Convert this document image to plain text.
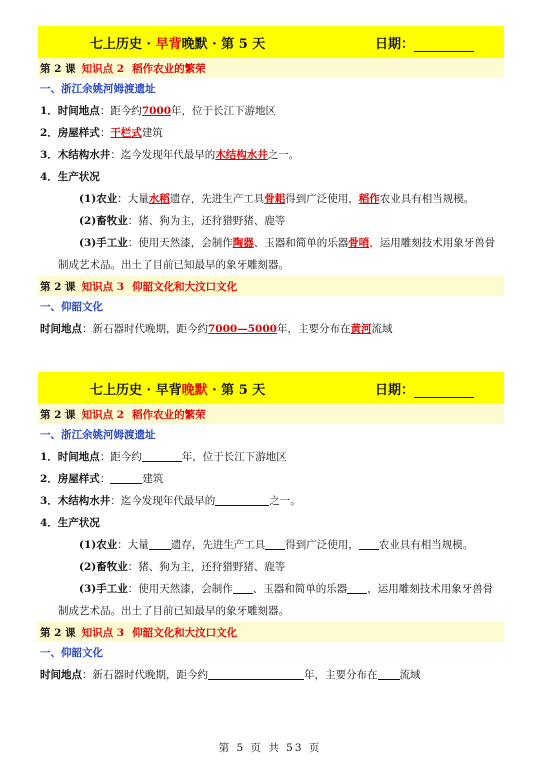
七上历史 · 早背晚默 · 第 5 天	日期：
第 2 课 知识点 2 稻作农业的繁荣
一、浙江余姚河姆渡遗址
1．时间地点：距今约7000年，位于长江下游地区
2．房屋样式：干栏式建筑
3．木结构水井：迄今发现年代最早的木结构水井之一。
4．生产状况
(1)农业：大量水稻遗存，先进生产工具骨耜得到广泛使用，稻作农业具有相当规模。
(2)畜牧业：猪、狗为主，还狩猎野猪、鹿等
(3)手工业：使用天然漆，会制作陶器、玉器和简单的乐器骨哨，运用雕刻技术用象牙兽骨
制成艺术品。出土了目前已知最早的象牙雕刻器。
第 2 课 知识点 3 仰韶文化和大汶口文化
一、仰韶文化
时间地点：新石器时代晚期，距今约7000—5000年，主要分布在黄河流域
七上历史 · 早背晚默 · 第 5 天	日期：
第 2 课 知识点 2 稻作农业的繁荣
一、浙江余姚河姆渡遗址
1．时间地点：距今约	年，位于长江下游地区
2．房屋样式：	建筑
3．木结构水井：迄今发现年代最早的	之一。
4．生产状况
(1)农业：大量 遗存，先进生产工具 得到广泛使用， 农业具有相当规模。
(2)畜牧业：猪、狗为主，还狩猎野猪、鹿等
(3)手工业：使用天然漆，会制作 、玉器和简单的乐器 ，运用雕刻技术用象牙兽骨
制成艺术品。出土了目前已知最早的象牙雕刻器。
第 2 课 知识点 3 仰韶文化和大汶口文化
一、仰韶文化
时间地点：新石器时代晚期，距今约	年，主要分布在 流域
第 5 页 共 53 页
